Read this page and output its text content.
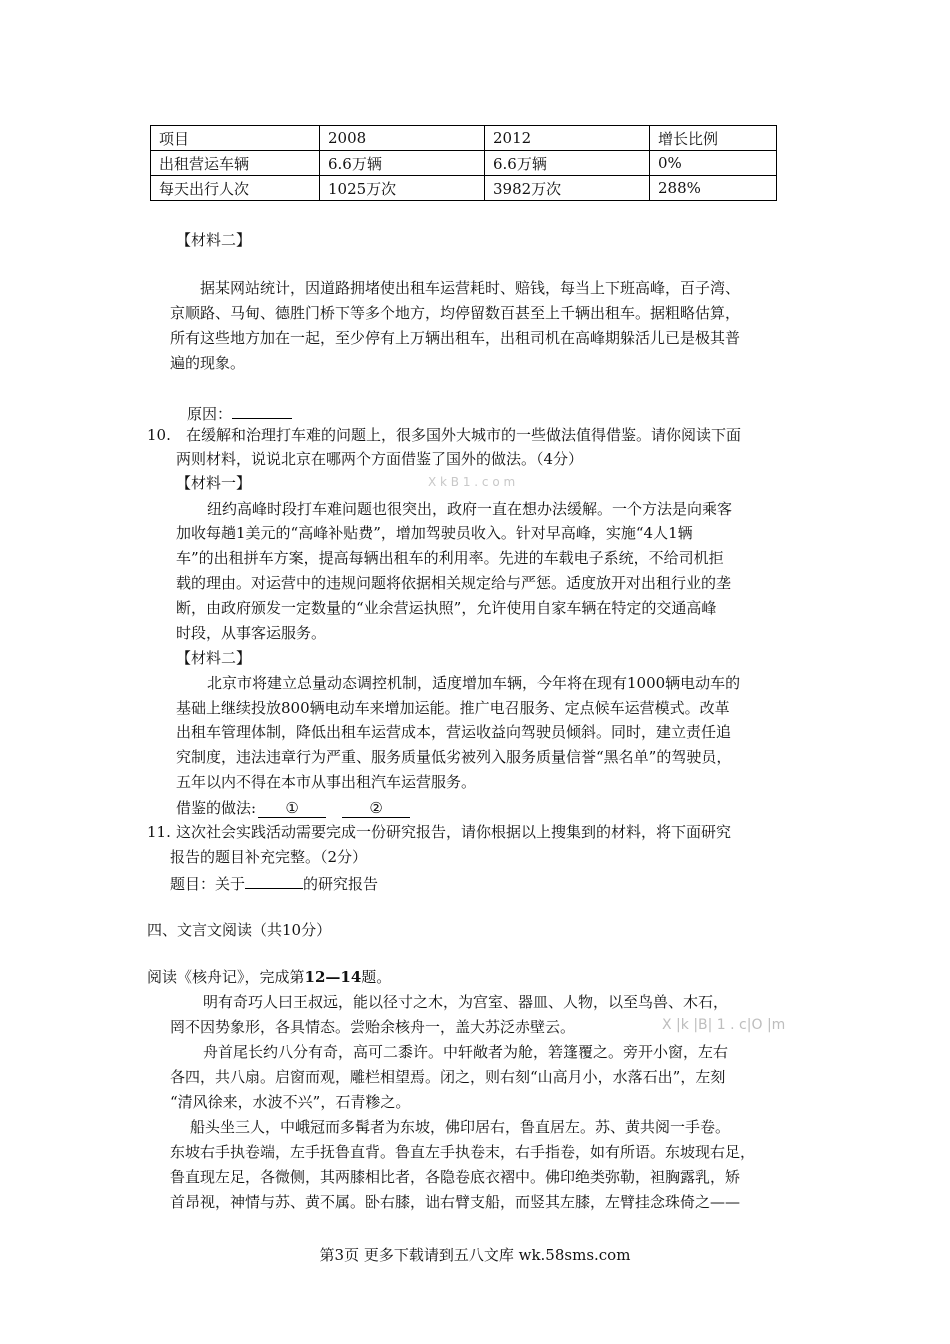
项目	2008	2012	增长比例
出租营运车辆	6.6万辆	6.6万辆	0%
每天出行人次	1025万次	3982万次	288%
【材料二】
据某网站统计，因道路拥堵使出租车运营耗时、赔钱，每当上下班高峰，百子湾、
京顺路、马甸、德胜门桥下等多个地方，均停留数百甚至上千辆出租车。据粗略估算，
所有这些地方加在一起，至少停有上万辆出租车，出租司机在高峰期躲活儿已是极其普
遍的现象。
原因：
10. 在缓解和治理打车难的问题上，很多国外大城市的一些做法值得借鉴。请你阅读下面
两则材料，说说北京在哪两个方面借鉴了国外的做法。（4分）
X k B 1 . c o m
【材料一】
纽约高峰时段打车难问题也很突出，政府一直在想办法缓解。一个方法是向乘客
加收每趟1美元的“高峰补贴费”，增加驾驶员收入。针对早高峰，实施“4人1辆
车”的出租拼车方案，提高每辆出租车的利用率。先进的车载电子系统，不给司机拒
载的理由。对运营中的违规问题将依据相关规定给与严惩。适度放开对出租行业的垄
断，由政府颁发一定数量的“业余营运执照”，允许使用自家车辆在特定的交通高峰
时段，从事客运服务。
【材料二】
北京市将建立总量动态调控机制，适度增加车辆，今年将在现有1000辆电动车的
基础上继续投放800辆电动车来增加运能。推广电召服务、定点候车运营模式。改革
出租车管理体制，降低出租车运营成本，营运收益向驾驶员倾斜。同时，建立责任追
究制度，违法违章行为严重、服务质量低劣被列入服务质量信誉“黑名单”的驾驶员，
五年以内不得在本市从事出租汽车运营服务。
借鉴的做法: ①	②
11. 这次社会实践活动需要完成一份研究报告，请你根据以上搜集到的材料，将下面研究
报告的题目补充完整。（2分）
题目：关于	的研究报告
四、文言文阅读（共10分）
阅读《核舟记》，完成第12—14题。
明有奇巧人曰王叔远，能以径寸之木，为宫室、器皿、人物，以至鸟兽、木石，
罔不因势象形，各具情态。尝贻余核舟一，盖大苏泛赤壁云。	X |k |B| 1 . c|O |m
舟首尾长约八分有奇，高可二黍许。中轩敞者为舱，箬篷覆之。旁开小窗，左右
各四，共八扇。启窗而观，雕栏相望焉。闭之，则右刻“山高月小，水落石出”，左刻
“清风徐来，水波不兴”，石青糁之。
船头坐三人，中峨冠而多髯者为东坡，佛印居右，鲁直居左。苏、黄共阅一手卷。
东坡右手执卷端，左手抚鲁直背。鲁直左手执卷末，右手指卷，如有所语。东坡现右足，
鲁直现左足，各微侧，其两膝相比者，各隐卷底衣褶中。佛印绝类弥勒，袒胸露乳，矫
首昂视，神情与苏、黄不属。卧右膝，诎右臂支船，而竖其左膝，左臂挂念珠倚之——
第3页 更多下载请到五八文库 wk.58sms.com
